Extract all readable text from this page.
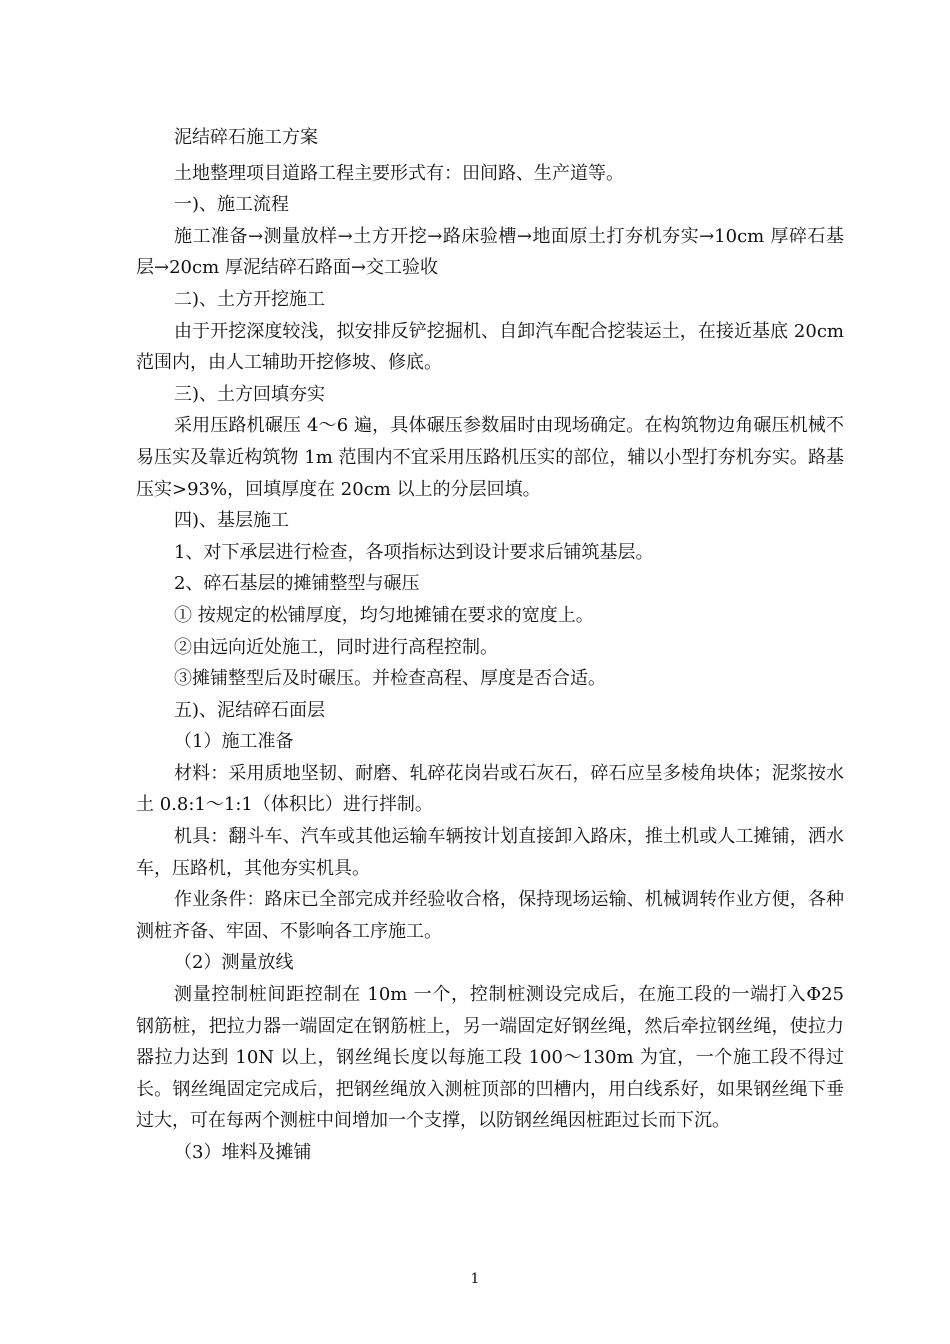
泥结碎石施工方案

土地整理项目道路工程主要形式有：田间路、生产道等。

一)、施工流程

施工准备→测量放样→土方开挖→路床验槽→地面原土打夯机夯实→10cm 厚碎石基层→20cm 厚泥结碎石路面→交工验收

二)、土方开挖施工

由于开挖深度较浅，拟安排反铲挖掘机、自卸汽车配合挖装运土，在接近基底 20cm 范围内，由人工辅助开挖修坡、修底。

三)、土方回填夯实

采用压路机碾压 4～6 遍，具体碾压参数届时由现场确定。在构筑物边角碾压机械不易压实及靠近构筑物 1m 范围内不宜采用压路机压实的部位，辅以小型打夯机夯实。路基压实>93%，回填厚度在 20cm 以上的分层回填。

四)、基层施工

1、对下承层进行检查，各项指标达到设计要求后铺筑基层。

2、碎石基层的摊铺整型与碾压

① 按规定的松铺厚度，均匀地摊铺在要求的宽度上。

②由远向近处施工，同时进行高程控制。

③摊铺整型后及时碾压。并检查高程、厚度是否合适。

五)、泥结碎石面层

（1）施工准备

材料：采用质地坚韧、耐磨、轧碎花岗岩或石灰石，碎石应呈多棱角块体；泥浆按水土 0.8:1～1:1（体积比）进行拌制。

机具：翻斗车、汽车或其他运输车辆按计划直接卸入路床，推土机或人工摊铺，洒水车，压路机，其他夯实机具。

作业条件：路床已全部完成并经验收合格，保持现场运输、机械调转作业方便，各种测桩齐备、牢固、不影响各工序施工。

（2）测量放线

测量控制桩间距控制在 10m 一个，控制桩测设完成后，在施工段的一端打入Φ25 钢筋桩，把拉力器一端固定在钢筋桩上，另一端固定好钢丝绳，然后牵拉钢丝绳，使拉力器拉力达到 10N 以上，钢丝绳长度以每施工段 100～130m 为宜，一个施工段不得过长。钢丝绳固定完成后，把钢丝绳放入测桩顶部的凹槽内，用白线系好，如果钢丝绳下垂过大，可在每两个测桩中间增加一个支撑，以防钢丝绳因桩距过长而下沉。

（3）堆料及摊铺

1
